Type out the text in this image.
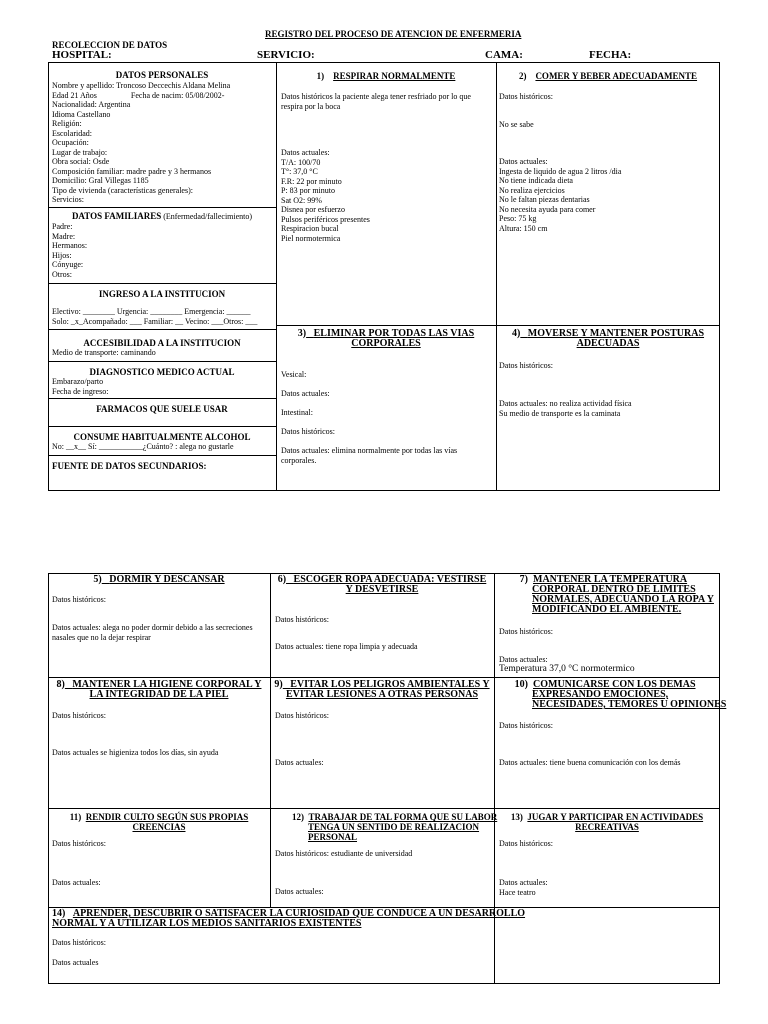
REGISTRO DEL PROCESO DE ATENCION DE ENFERMERIA
RECOLECCION DE DATOS
HOSPITAL:	SERVICIO:	CAMA:	FECHA:
DATOS PERSONALES
Nombre y apellido: Troncoso Deccechis Aldana Melina
Edad 21 Años	Fecha de nacim: 05/08/2002-
Nacionalidad: Argentina
Idioma Castellano
Religión:
Escolaridad:
Ocupación:
Lugar de trabajo:
Obra social: Osde
Composición familiar: madre padre y 3 hermanos
Domicilio: Gral Villegas 1185
Tipo de vivienda (características generales):
Servicios:
DATOS FAMILIARES (Enfermedad/fallecimiento)
Padre:
Madre:
Hermanos:
Hijos:
Cónyuge:
Otros:
INGRESO A LA INSTITUCION
Electivo: ________ Urgencia: ________ Emergencia: ______
Solo: _x_Acompañado: ___ Familiar: __ Vecino: ___Otros: ___
ACCESIBILIDAD A LA INSTITUCION
Medio de transporte: caminando
DIAGNOSTICO MEDICO ACTUAL
Embarazo/parto
Fecha de ingreso:
FARMACOS QUE SUELE USAR
CONSUME HABITUALMENTE ALCOHOL
No: __x__ Sí: ___________¿Cuánto? : alega no gustarle
FUENTE DE DATOS SECUNDARIOS:
1) RESPIRAR NORMALMENTE
Datos históricos la paciente alega tener resfriado por lo que
respira por la boca
Datos actuales:
T/A: 100/70
T°: 37,0 °C
F.R: 22 por minuto
P: 83 por minuto
Sat O2: 99%
Disnea por esfuerzo
Pulsos periféricos presentes
Respiracion bucal
Piel normotermica
2) COMER Y BEBER ADECUADAMENTE
Datos históricos:
No se sabe
Datos actuales:
Ingesta de liquido de agua 2 litros /dia
No tiene indicada dieta
No realiza ejercicios
No le faltan piezas dentarias
No necesita ayuda para comer
Peso: 75 kg
Altura: 150 cm
3) ELIMINAR POR TODAS LAS VIAS
CORPORALES
Vesical:
Datos actuales:
Intestinal:
Datos históricos:
Datos actuales: elimina normalmente por todas las vías
corporales.
4) MOVERSE Y MANTENER POSTURAS
ADECUADAS
Datos históricos:
Datos actuales: no realiza actividad física
Su medio de transporte es la caminata
5) DORMIR Y DESCANSAR
Datos históricos:
Datos actuales: alega no poder dormir debido a las secreciones
nasales que no la dejar respirar
6) ESCOGER ROPA ADECUADA: VESTIRSE
Y DESVETIRSE
Datos históricos:
Datos actuales: tiene ropa limpia y adecuada
7) MANTENER LA TEMPERATURA
CORPORAL DENTRO DE LIMITES
NORMALES, ADECUANDO LA ROPA Y
MODIFICANDO EL AMBIENTE.
Datos históricos:
Datos actuales:
Temperatura 37,0 °C normotermico
8) MANTENER LA HIGIENE CORPORAL Y
LA INTEGRIDAD DE LA PIEL
Datos históricos:
Datos actuales se higieniza todos los días, sin ayuda
9) EVITAR LOS PELIGROS AMBIENTALES Y
EVITAR LESIONES A OTRAS PERSONAS
Datos históricos:
Datos actuales:
10) COMUNICARSE CON LOS DEMAS
EXPRESANDO EMOCIONES,
NECESIDADES, TEMORES U OPINIONES
Datos históricos:
Datos actuales: tiene buena comunicación con los demás
11) RENDIR CULTO SEGÚN SUS PROPIAS
CREENCIAS
Datos históricos:
Datos actuales:
12) TRABAJAR DE TAL FORMA QUE SU LABOR
TENGA UN SENTIDO DE REALIZACION
PERSONAL
Datos históricos: estudiante de universidad
Datos actuales:
13) JUGAR Y PARTICIPAR EN ACTIVIDADES
RECREATIVAS
Datos históricos:
Datos actuales:
Hace teatro
14) APRENDER, DESCUBRIR O SATISFACER LA CURIOSIDAD QUE CONDUCE A UN DESARROLLO
NORMAL Y A UTILIZAR LOS MEDIOS SANITARIOS EXISTENTES
Datos históricos:
Datos actuales
